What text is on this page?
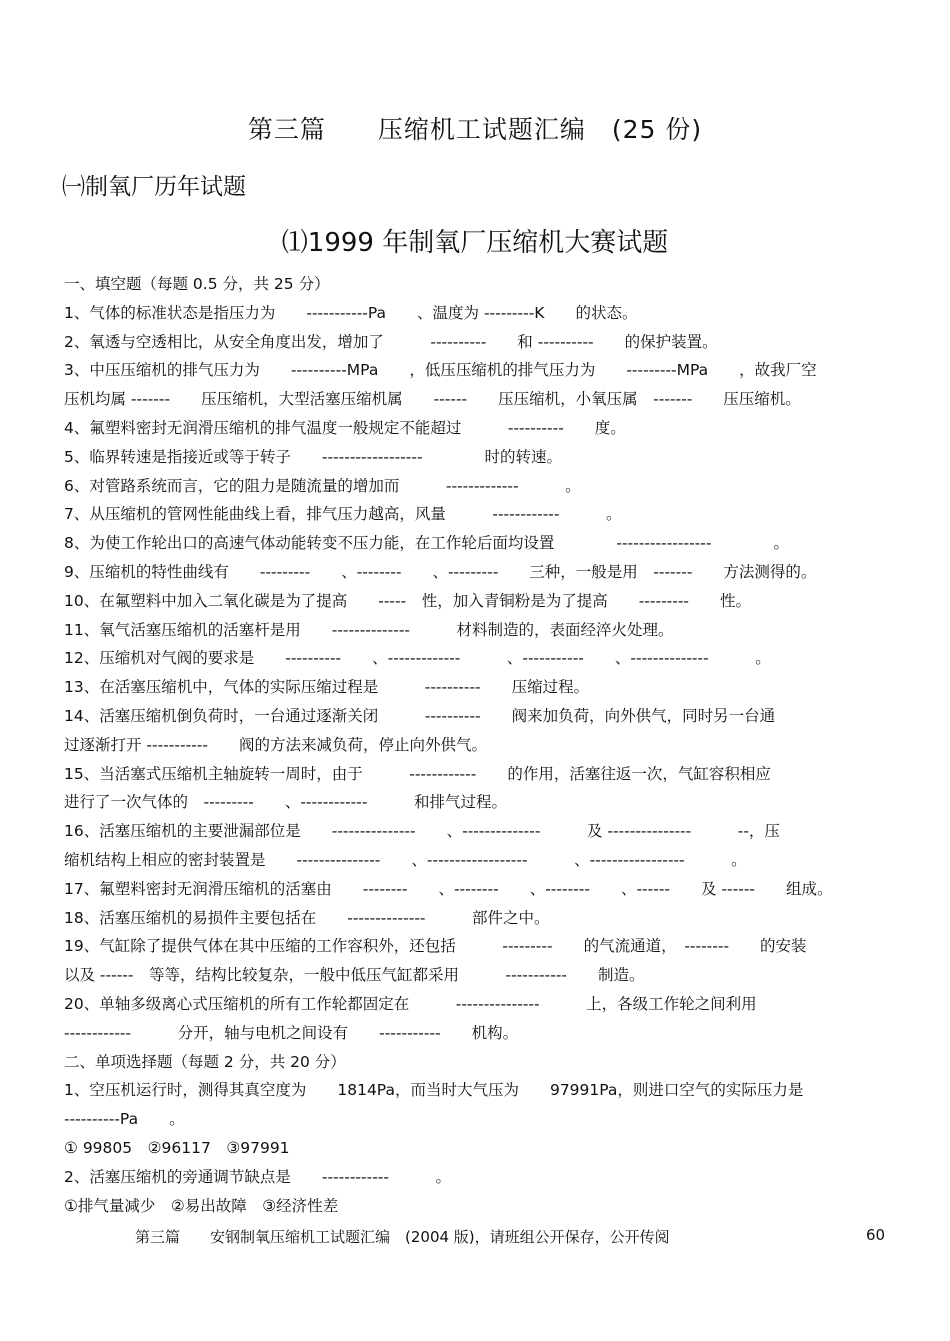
第三篇　　压缩机工试题汇编　(25 份)
㈠制氧厂历年试题
⑴1999 年制氧厂压缩机大赛试题
一、填空题（每题 0.5 分，共 25 分）
1、气体的标准状态是指压力为　　-----------Pa　　、温度为 ---------K　　的状态。
2、氧透与空透相比，从安全角度出发，增加了　　　----------　　和 ----------　　的保护装置。
3、中压压缩机的排气压力为　　----------MPa　　，低压压缩机的排气压力为　　---------MPa　　，故我厂空
压机均属 -------　　压压缩机，大型活塞压缩机属　　------　　压压缩机，小氧压属　-------　　压压缩机。
4、氟塑料密封无润滑压缩机的排气温度一般规定不能超过　　　----------　　度。
5、临界转速是指接近或等于转子　　------------------　　　　时的转速。
6、对管路系统而言，它的阻力是随流量的增加而　　　-------------　　　。
7、从压缩机的管网性能曲线上看，排气压力越高，风量　　　------------　　　。
8、为使工作轮出口的高速气体动能转变不压力能，在工作轮后面均设置　　　　-----------------　　　　。
9、压缩机的特性曲线有　　---------　　、--------　　、---------　　三种，一般是用　-------　　方法测得的。
10、在氟塑料中加入二氧化碳是为了提高　　-----　性，加入青铜粉是为了提高　　---------　　性。
11、氧气活塞压缩机的活塞杆是用　　--------------　　　材料制造的，表面经淬火处理。
12、压缩机对气阀的要求是　　----------　　、-------------　　　、-----------　　、--------------　　　。
13、在活塞压缩机中，气体的实际压缩过程是　　　----------　　压缩过程。
14、活塞压缩机倒负荷时，一台通过逐渐关闭　　　----------　　阀来加负荷，向外供气，同时另一台通
过逐渐打开 -----------　　阀的方法来减负荷，停止向外供气。
15、当活塞式压缩机主轴旋转一周时，由于　　　------------　　的作用，活塞往返一次，气缸容积相应
进行了一次气体的　---------　　、------------　　　和排气过程。
16、活塞压缩机的主要泄漏部位是　　---------------　　、--------------　　　及 ---------------　　　--，压
缩机结构上相应的密封装置是　　---------------　　、------------------　　　、-----------------　　　。
17、氟塑料密封无润滑压缩机的活塞由　　--------　　、--------　　、--------　　、------　　及 ------　　组成。
18、活塞压缩机的易损件主要包括在　　--------------　　　部件之中。
19、气缸除了提供气体在其中压缩的工作容积外，还包括　　　---------　　的气流通道，　--------　　的安装
以及 ------　等等，结构比较复杂，一般中低压气缸都采用　　　-----------　　制造。
20、单轴多级离心式压缩机的所有工作轮都固定在　　　---------------　　　上，各级工作轮之间利用
------------　　　分开，轴与电机之间设有　　-----------　　机构。
二、单项选择题（每题 2 分，共 20 分）
1、空压机运行时，测得其真空度为　　1814Pa，而当时大气压为　　97991Pa，则进口空气的实际压力是
----------Pa　　。
① 99805　②96117　③97991
2、活塞压缩机的旁通调节缺点是　　------------　　　。
①排气量减少　②易出故障　③经济性差
第三篇　　安钢制氧压缩机工试题汇编　(2004 版)，请班组公开保存，公开传阅	60
